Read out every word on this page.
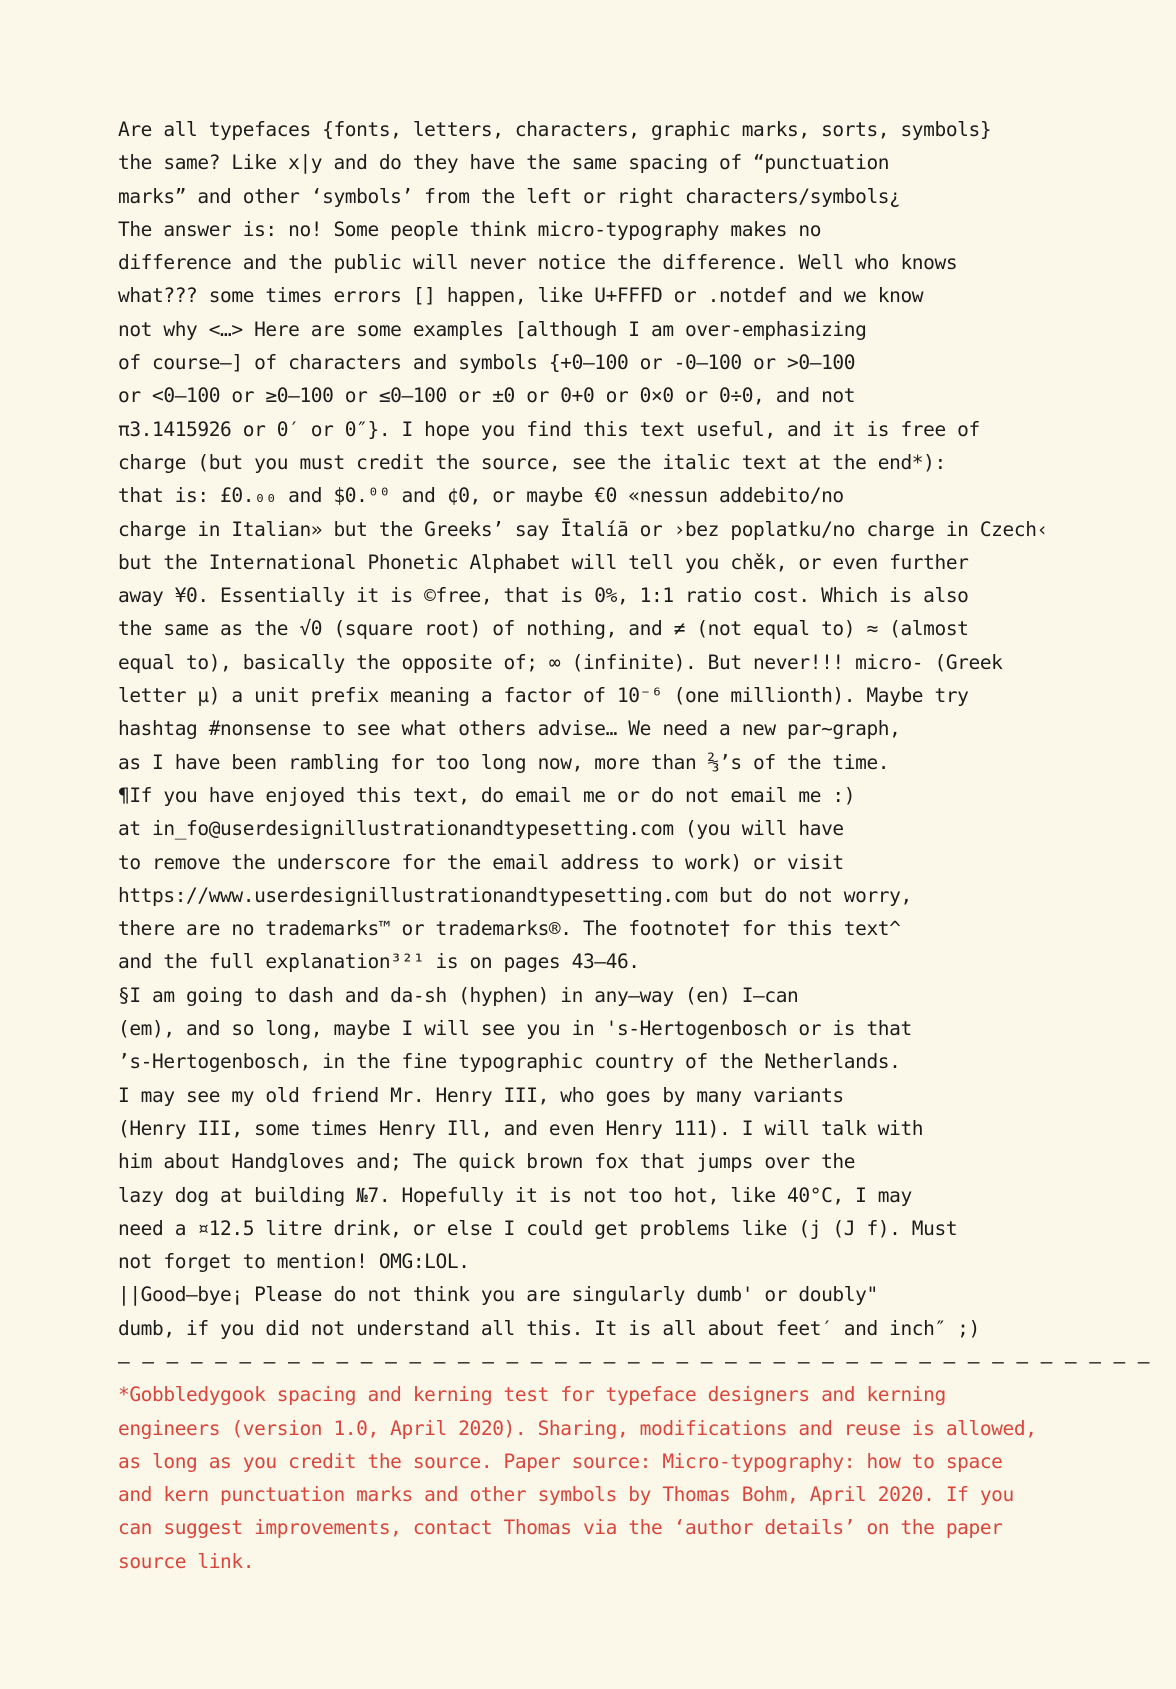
Are all typefaces {fonts, letters, characters, graphic marks, sorts, symbols}
the same? Like x|y and do they have the same spacing of “punctuation
marks” and other ‘symbols’ from the left or right characters/symbols¿
The answer is: no! Some people think micro-typography makes no
difference and the public will never notice the difference. Well who knows
what??? some times errors [] happen, like U+FFFD or .notdef and we know
not why <…> Here are some examples [although I am over-emphasizing
of course—] of characters and symbols {+0–100 or -0–100 or >0–100
or <0–100 or ≥0–100 or ≤0–100 or ±0 or 0+0 or 0×0 or 0÷0, and not
π3.1415926 or 0′ or 0″}. I hope you find this text useful, and it is free of
charge (but you must credit the source, see the italic text at the end*):
that is: £0.₀₀ and $0.⁰⁰ and ¢0, or maybe €0 «nessun addebito/no
charge in Italian» but the Greeks’ say Ītalíā or ›bez poplatku/no charge in Czech‹
but the International Phonetic Alphabet will tell you chěk, or even further
away ¥0. Essentially it is ©free, that is 0%, 1:1 ratio cost. Which is also
the same as the √0 (square root) of nothing, and ≠ (not equal to) ≈ (almost
equal to), basically the opposite of; ∞ (infinite). But never!!! micro- (Greek
letter µ) a unit prefix meaning a factor of 10⁻⁶ (one millionth). Maybe try
hashtag #nonsense to see what others advise… We need a new par~graph,
as I have been rambling for too long now, more than ⅔’s of the time.
¶If you have enjoyed this text, do email me or do not email me :)
at in_fo@userdesignillustrationandtypesetting.com (you will have
to remove the underscore for the email address to work) or visit
https://www.userdesignillustrationandtypesetting.com but do not worry,
there are no trademarks™ or trademarks®. The footnote† for this text^
and the full explanation³²¹ is on pages 43–46.
§I am going to dash and da-sh (hyphen) in any–way (en) I—can
(em), and so long, maybe I will see you in 's-Hertogenbosch or is that
’s-Hertogenbosch, in the fine typographic country of the Netherlands.
I may see my old friend Mr. Henry III, who goes by many variants
(Henry III, some times Henry Ill, and even Henry 111). I will talk with
him about Handgloves and; The quick brown fox that jumps over the
lazy dog at building №7. Hopefully it is not too hot, like 40°C, I may
need a ¤12.5 litre drink, or else I could get problems like (j (J f). Must
not forget to mention! OMG:LOL.
||Good—bye¡ Please do not think you are singularly dumb' or doubly"
dumb, if you did not understand all this. It is all about feet′ and inch″ ;)
– – – – – – – – – – – – – – – – – – – – – – – – – – – – – – – – – – – – – – – – – – –
*Gobbledygook spacing and kerning test for typeface designers and kerning
engineers (version 1.0, April 2020). Sharing, modifications and reuse is allowed,
as long as you credit the source. Paper source: Micro-typography: how to space
and kern punctuation marks and other symbols by Thomas Bohm, April 2020. If you
can suggest improvements, contact Thomas via the ‘author details’ on the paper
source link.
